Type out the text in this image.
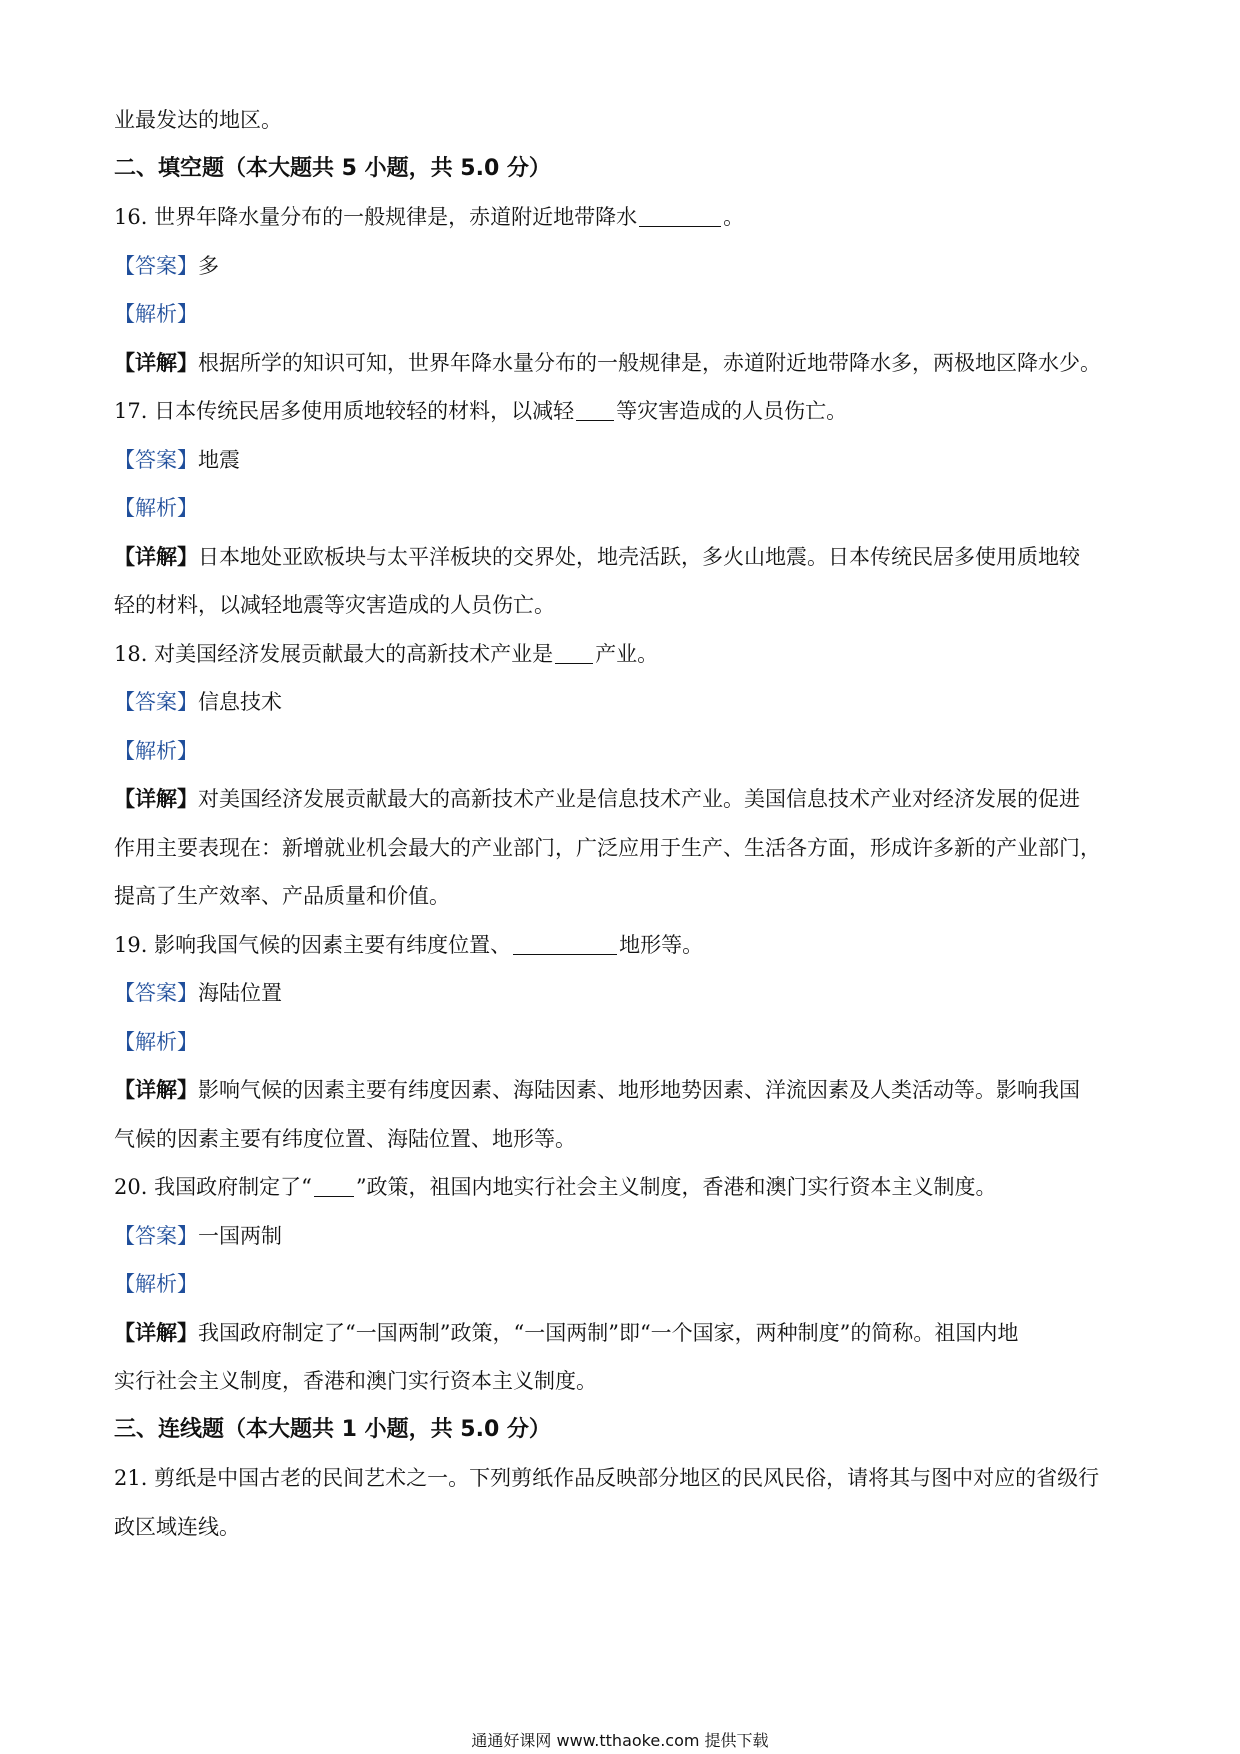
业最发达的地区。
二、填空题（本大题共 5 小题，共 5.0 分）
16. 世界年降水量分布的一般规律是，赤道附近地带降水	。
【答案】多
【解析】
【详解】根据所学的知识可知，世界年降水量分布的一般规律是，赤道附近地带降水多，两极地区降水少。
17. 日本传统民居多使用质地较轻的材料，以减轻 等灾害造成的人员伤亡。
【答案】地震
【解析】
【详解】日本地处亚欧板块与太平洋板块的交界处，地壳活跃，多火山地震。日本传统民居多使用质地较
轻的材料，以减轻地震等灾害造成的人员伤亡。
18. 对美国经济发展贡献最大的高新技术产业是 产业。
【答案】信息技术
【解析】
【详解】对美国经济发展贡献最大的高新技术产业是信息技术产业。美国信息技术产业对经济发展的促进
作用主要表现在：新增就业机会最大的产业部门，广泛应用于生产、生活各方面，形成许多新的产业部门，
提高了生产效率、产品质量和价值。
19. 影响我国气候的因素主要有纬度位置、	地形等。
【答案】海陆位置
【解析】
【详解】影响气候的因素主要有纬度因素、海陆因素、地形地势因素、洋流因素及人类活动等。影响我国
气候的因素主要有纬度位置、海陆位置、地形等。
20. 我国政府制定了“ ”政策，祖国内地实行社会主义制度，香港和澳门实行资本主义制度。
【答案】一国两制
【解析】
【详解】我国政府制定了“一国两制”政策，“一国两制”即“一个国家，两种制度”的简称。祖国内地
实行社会主义制度，香港和澳门实行资本主义制度。
三、连线题（本大题共 1 小题，共 5.0 分）
21. 剪纸是中国古老的民间艺术之一。下列剪纸作品反映部分地区的民风民俗，请将其与图中对应的省级行
政区域连线。
通通好课网 www.tthaoke.com 提供下载
